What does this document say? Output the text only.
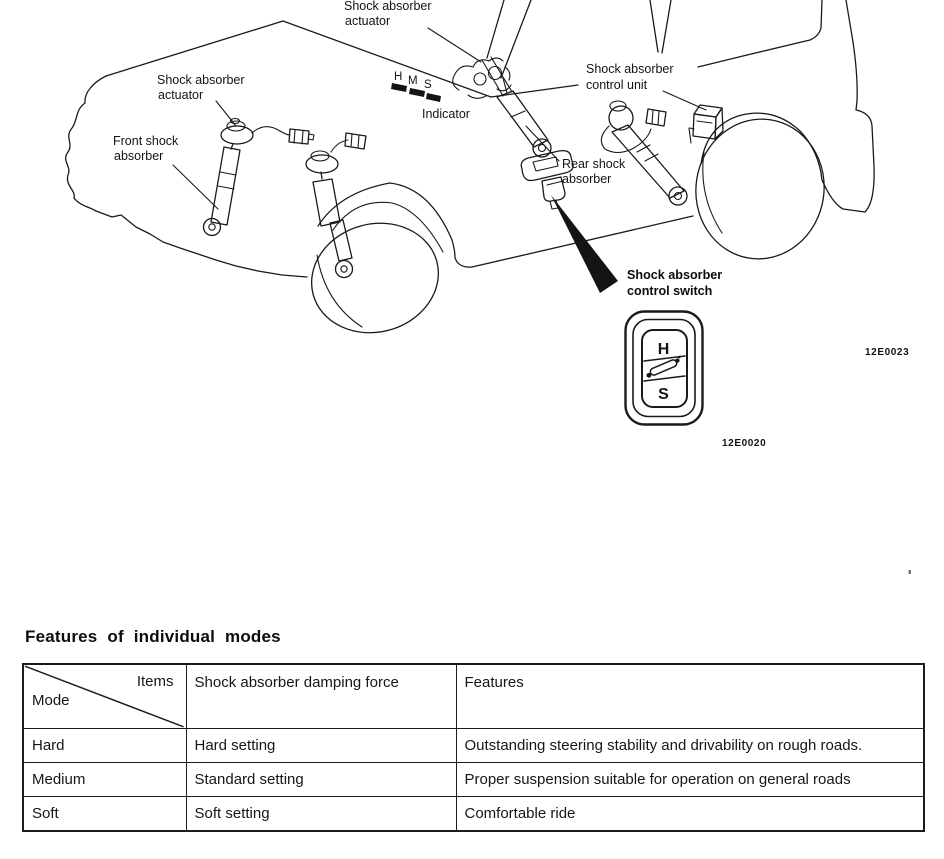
H M S
Shock absorber
actuator
Shock absorber
actuator
Front shock
absorber
Indicator
Shock absorber
control unit
Rear shock
absorber
Shock absorber
control switch
12E0023
12E0020
H
S
Features of individual modes
Items
Mode	Shock absorber damping force	Features
Hard	Hard setting	Outstanding steering stability and drivability on rough roads.
Medium	Standard setting	Proper suspension suitable for operation on general roads
Soft	Soft setting	Comfortable ride
